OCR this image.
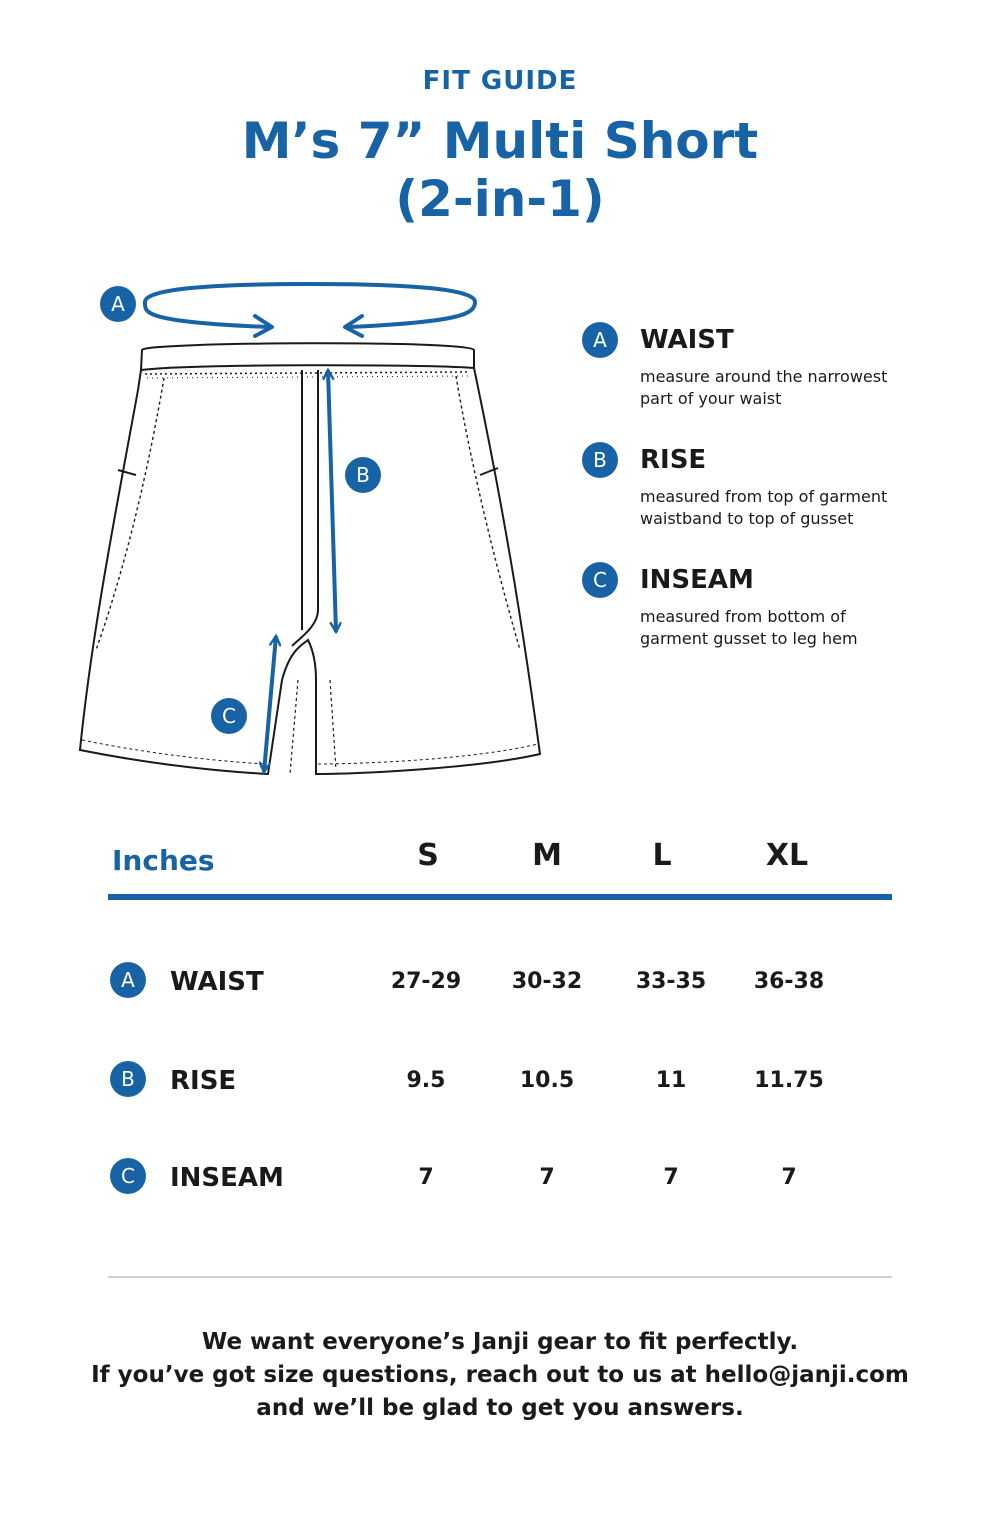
FIT GUIDE
M’s 7” Multi Short
(2-in-1)
A
B
C
A	WAIST
measure around the narrowest
part of your waist
B	RISE
measured from top of garment
waistband to top of gusset
C	INSEAM
measured from bottom of
garment gusset to leg hem
Inches	S	M	L	XL
A	WAIST	27-29	30-32	33-35	36-38
B	RISE	9.5	10.5	11	11.75
C	INSEAM	7	7	7	7
We want everyone’s Janji gear to fit perfectly.
If you’ve got size questions, reach out to us at hello@janji.com
and we’ll be glad to get you answers.
